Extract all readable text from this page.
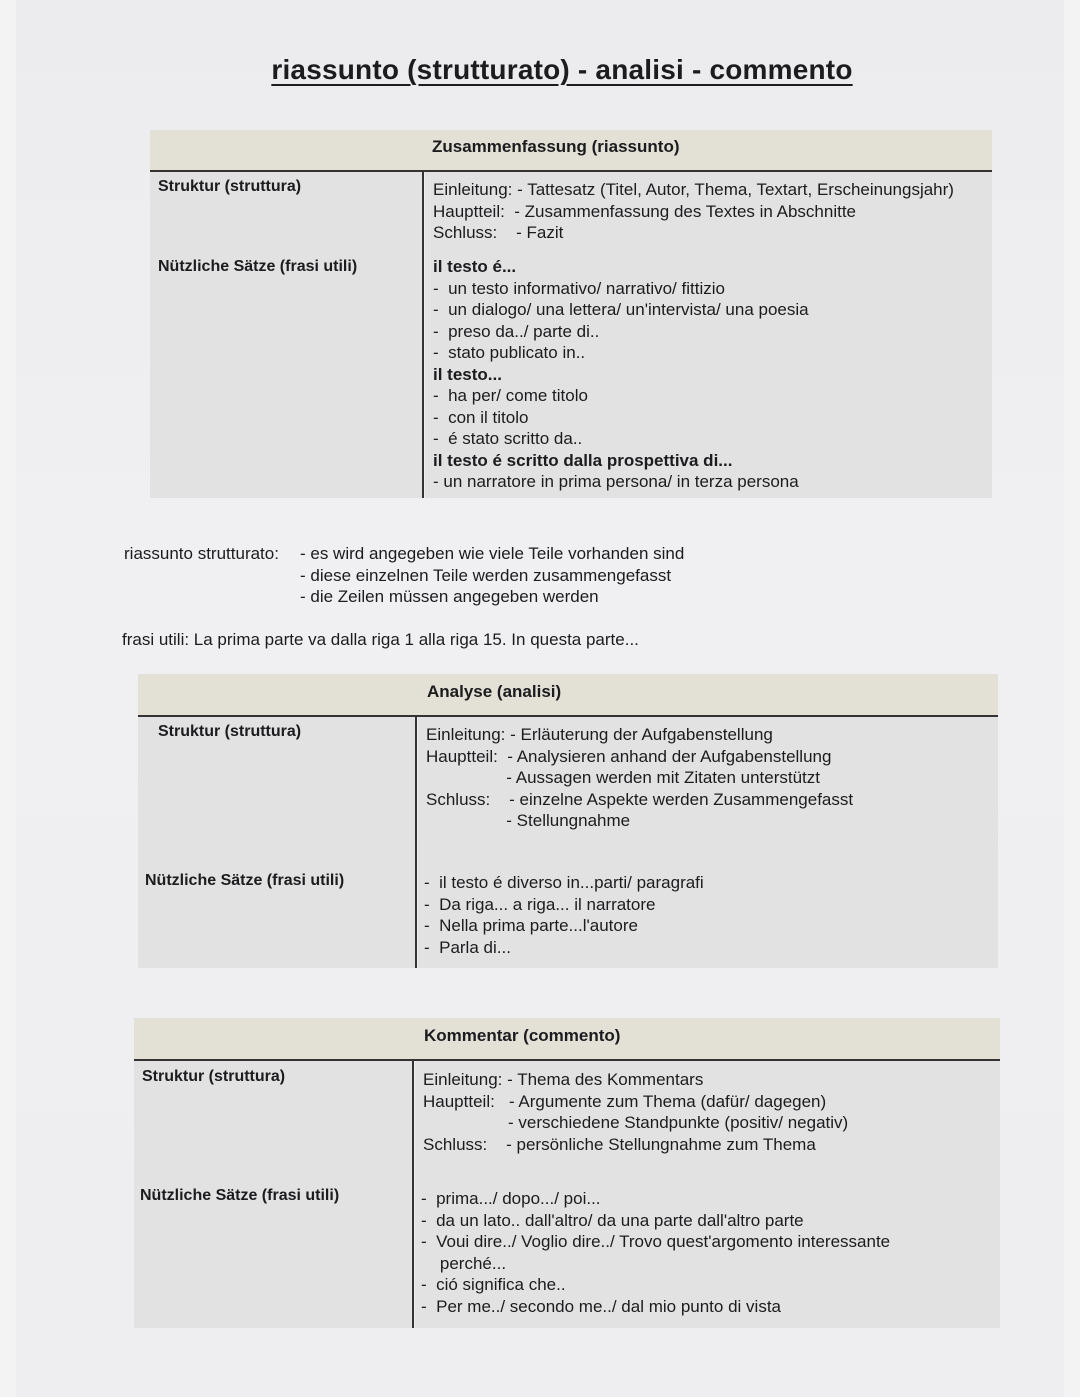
riassunto (strutturato) - analisi - commento
Zusammenfassung (riassunto)
Struktur (struttura)
Nützliche Sätze (frasi utili)
Einleitung: - Tattesatz (Titel, Autor, Thema, Textart, Erscheinungsjahr)
Hauptteil:  - Zusammenfassung des Textes in Abschnitte
Schluss:    - Fazit
il testo é...
-  un testo informativo/ narrativo/ fittizio
-  un dialogo/ una lettera/ un'intervista/ una poesia
-  preso da../ parte di..
-  stato publicato in..
il testo...
-  ha per/ come titolo
-  con il titolo
-  é stato scritto da..
il testo é scritto dalla prospettiva di...
- un narratore in prima persona/ in terza persona
riassunto strutturato: - es wird angegeben wie viele Teile vorhanden sind
- diese einzelnen Teile werden zusammengefasst
- die Zeilen müssen angegeben werden
frasi utili: La prima parte va dalla riga 1 alla riga 15. In questa parte...
Analyse (analisi)
Struktur (struttura)
Nützliche Sätze (frasi utili)
Einleitung: - Erläuterung der Aufgabenstellung
Hauptteil:  - Analysieren anhand der Aufgabenstellung
- Aussagen werden mit Zitaten unterstützt
Schluss:    - einzelne Aspekte werden Zusammengefasst
- Stellungnahme
-  il testo é diverso in...parti/ paragrafi
-  Da riga... a riga... il narratore
-  Nella prima parte...l'autore
-  Parla di...
Kommentar (commento)
Struktur (struttura)
Nützliche Sätze (frasi utili)
Einleitung: - Thema des Kommentars
Hauptteil:   - Argumente zum Thema (dafür/ dagegen)
- verschiedene Standpunkte (positiv/ negativ)
Schluss:    - persönliche Stellungnahme zum Thema
-  prima.../ dopo.../ poi...
-  da un lato.. dall'altro/ da una parte dall'altro parte
-  Voui dire../ Voglio dire../ Trovo quest'argomento interessante
perché...
-  ció significa che..
-  Per me../ secondo me../ dal mio punto di vista
